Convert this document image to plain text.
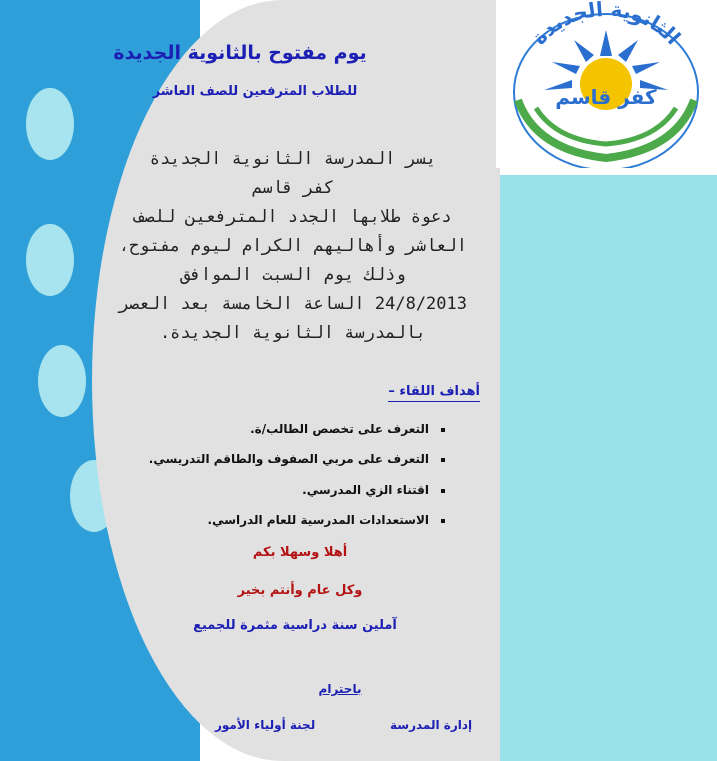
الثانوية الجديدة
كفر قاسم
يوم مفتوح بالثانوية الجديدة
للطلاب المترفعين للصف العاشر
يسر المدرسة الثانوية الجديدة
كفر قاسم
دعوة طلابها الجدد المترفعين للصف
العاشر وأهاليهم الكرام ليوم مفتوح،
وذلك يوم السبت الموافق
24/8/2013 الساعة الخامسة بعد العصر
بالمدرسة الثانوية الجديدة.
أهداف اللقاء –
التعرف على تخصص الطالب/ة.
التعرف على مربي الصفوف والطاقم التدريسي.
اقتناء الزي المدرسي.
الاستعدادات المدرسية للعام الدراسي.
أهلا وسهلا بكم
وكل عام وأنتم بخير
آملين سنة دراسية مثمرة للجميع
باحترام
إدارة المدرسة
لجنة أولياء الأمور
